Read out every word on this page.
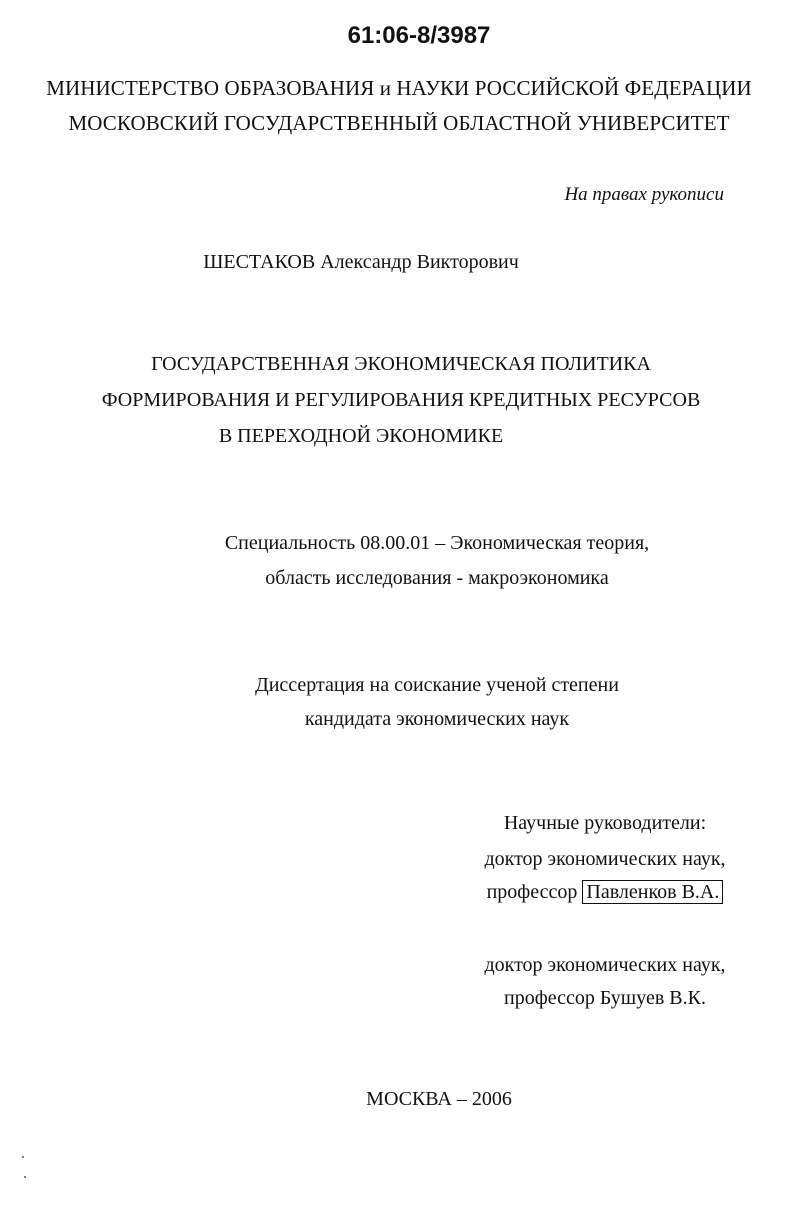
61:06-8/3987
МИНИСТЕРСТВО ОБРАЗОВАНИЯ и НАУКИ РОССИЙСКОЙ ФЕДЕРАЦИИ
МОСКОВСКИЙ ГОСУДАРСТВЕННЫЙ ОБЛАСТНОЙ УНИВЕРСИТЕТ
На правах рукописи
ШЕСТАКОВ Александр Викторович
ГОСУДАРСТВЕННАЯ ЭКОНОМИЧЕСКАЯ ПОЛИТИКА
ФОРМИРОВАНИЯ И РЕГУЛИРОВАНИЯ КРЕДИТНЫХ РЕСУРСОВ
В ПЕРЕХОДНОЙ ЭКОНОМИКЕ
Специальность 08.00.01 – Экономическая теория,
область исследования - макроэкономика
Диссертация на соискание ученой степени
кандидата экономических наук
Научные руководители:
доктор экономических наук,
профессор Павленков В.А.
доктор экономических наук,
профессор Бушуев В.К.
МОСКВА – 2006
